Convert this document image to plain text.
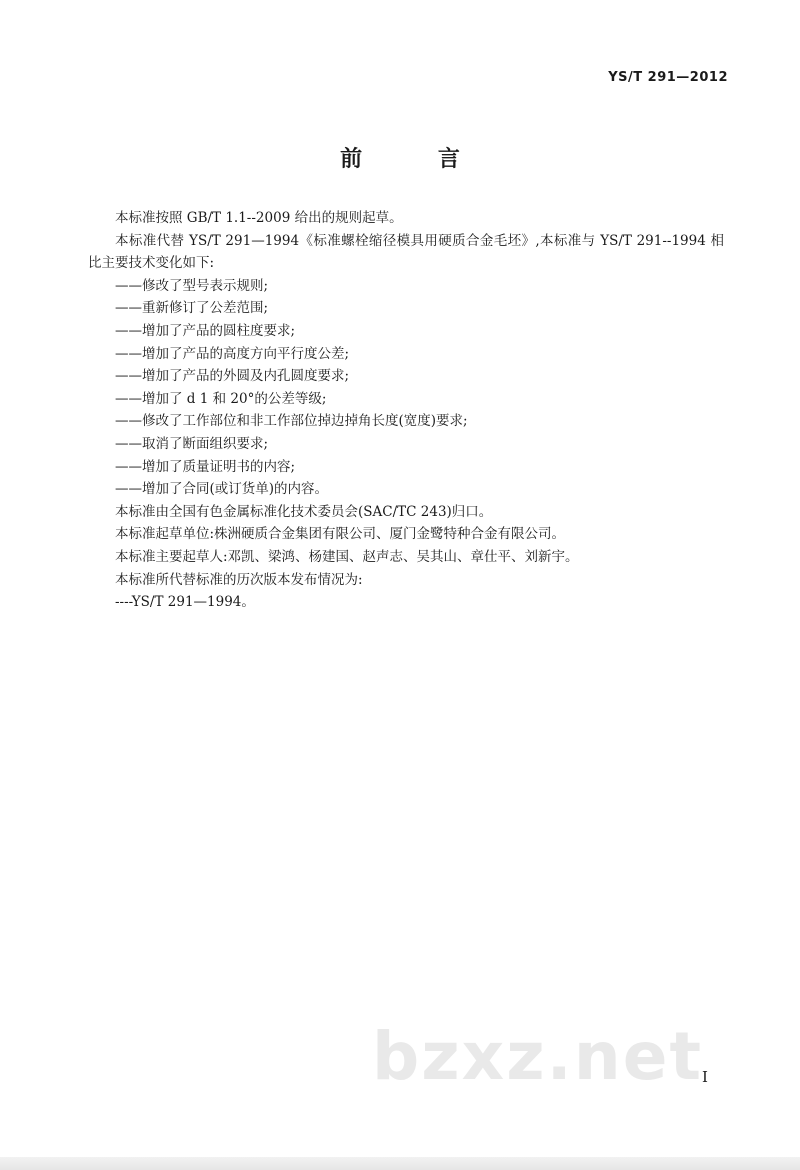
YS/T 291—2012
前 言

本标准按照 GB/T 1.1--2009 给出的规则起草。

本标准代替 YS/T 291—1994《标准螺栓缩径模具用硬质合金毛坯》,本标准与 YS/T 291--1994 相比主要技术变化如下:

——修改了型号表示规则;

——重新修订了公差范围;

——增加了产品的圆柱度要求;

——增加了产品的高度方向平行度公差;

——增加了产品的外圆及内孔圆度要求;

——增加了 d 1 和 20°的公差等级;

——修改了工作部位和非工作部位掉边掉角长度(宽度)要求;

——取消了断面组织要求;

——增加了质量证明书的内容;

——增加了合同(或订货单)的内容。

本标准由全国有色金属标准化技术委员会(SAC/TC 243)归口。

本标准起草单位:株洲硬质合金集团有限公司、厦门金鹭特种合金有限公司。

本标准主要起草人:邓凯、梁鸿、杨建国、赵声志、吴其山、章仕平、刘新宇。

本标准所代替标准的历次版本发布情况为:

----YS/T 291—1994。

bzxz.net
I
